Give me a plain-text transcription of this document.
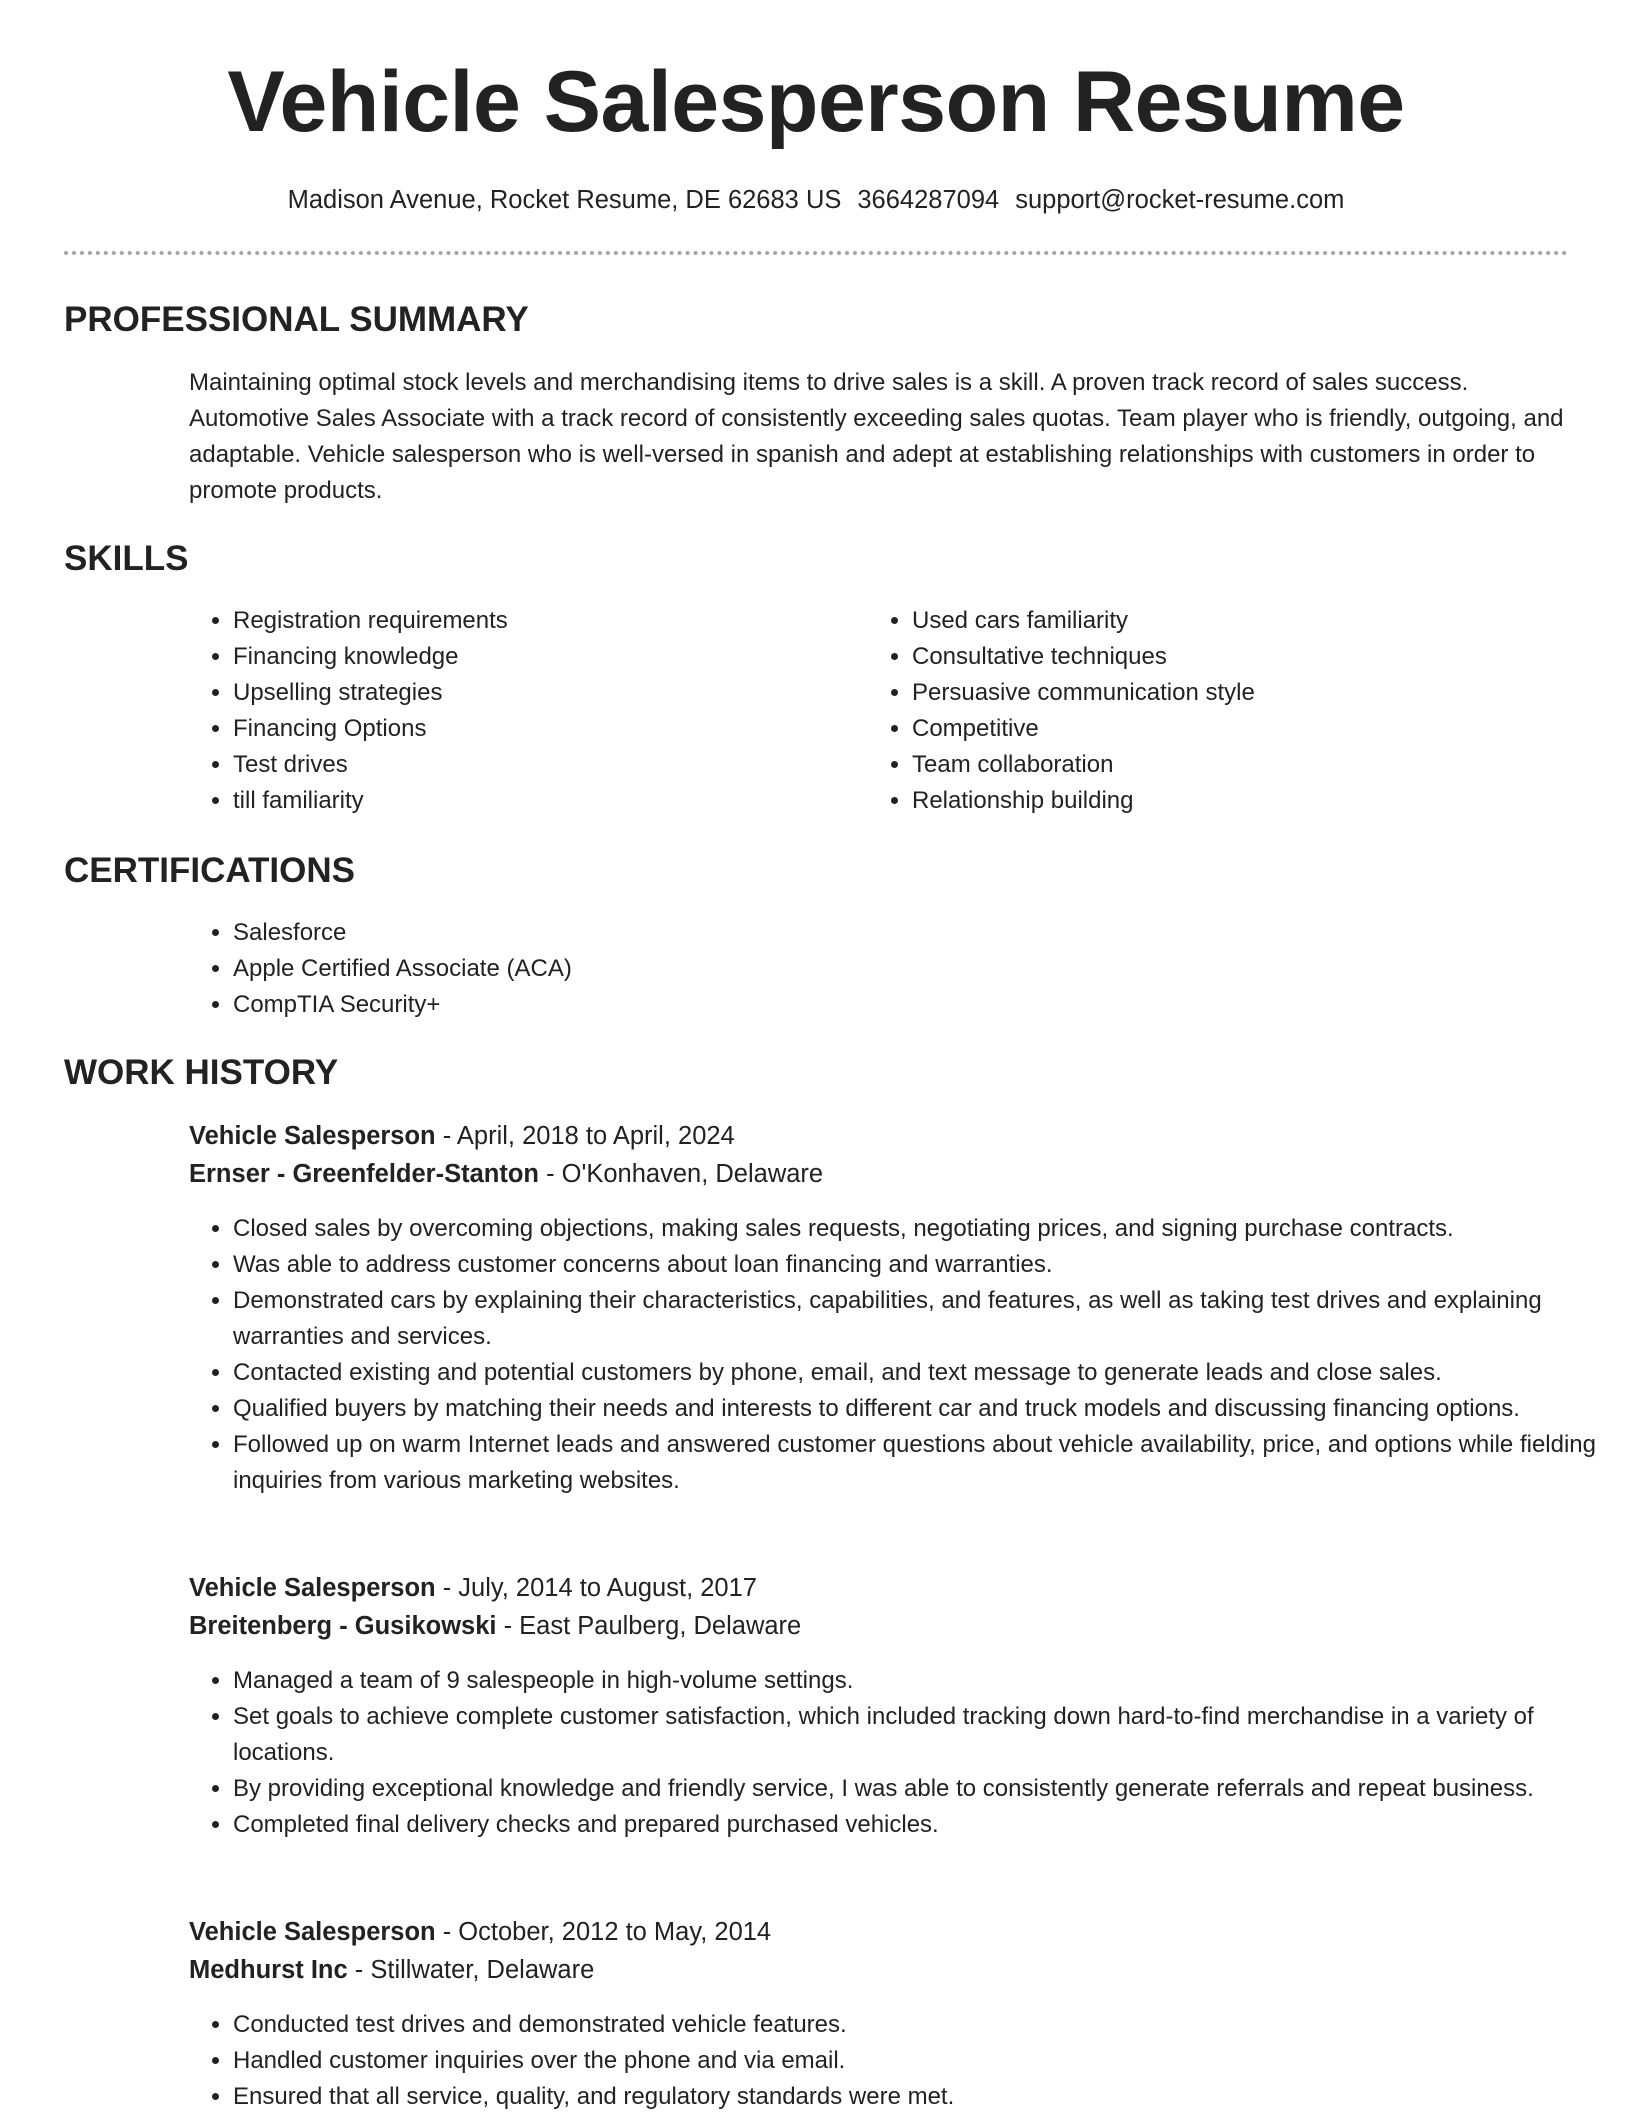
Vehicle Salesperson Resume
Madison Avenue, Rocket Resume, DE 62683 US 3664287094 support@rocket-resume.com
PROFESSIONAL SUMMARY
Maintaining optimal stock levels and merchandising items to drive sales is a skill. A proven track record of sales success. Automotive Sales Associate with a track record of consistently exceeding sales quotas. Team player who is friendly, outgoing, and adaptable. Vehicle salesperson who is well-versed in spanish and adept at establishing relationships with customers in order to promote products.
SKILLS
• Registration requirements
• Financing knowledge
• Upselling strategies
• Financing Options
• Test drives
• till familiarity
• Used cars familiarity
• Consultative techniques
• Persuasive communication style
• Competitive
• Team collaboration
• Relationship building
CERTIFICATIONS
• Salesforce
• Apple Certified Associate (ACA)
• CompTIA Security+
WORK HISTORY
Vehicle Salesperson - April, 2018 to April, 2024
Ernser - Greenfelder-Stanton - O'Konhaven, Delaware
• Closed sales by overcoming objections, making sales requests, negotiating prices, and signing purchase contracts.
• Was able to address customer concerns about loan financing and warranties.
• Demonstrated cars by explaining their characteristics, capabilities, and features, as well as taking test drives and explaining warranties and services.
• Contacted existing and potential customers by phone, email, and text message to generate leads and close sales.
• Qualified buyers by matching their needs and interests to different car and truck models and discussing financing options.
• Followed up on warm Internet leads and answered customer questions about vehicle availability, price, and options while fielding inquiries from various marketing websites.
Vehicle Salesperson - July, 2014 to August, 2017
Breitenberg - Gusikowski - East Paulberg, Delaware
• Managed a team of 9 salespeople in high-volume settings.
• Set goals to achieve complete customer satisfaction, which included tracking down hard-to-find merchandise in a variety of locations.
• By providing exceptional knowledge and friendly service, I was able to consistently generate referrals and repeat business.
• Completed final delivery checks and prepared purchased vehicles.
Vehicle Salesperson - October, 2012 to May, 2014
Medhurst Inc - Stillwater, Delaware
• Conducted test drives and demonstrated vehicle features.
• Handled customer inquiries over the phone and via email.
• Ensured that all service, quality, and regulatory standards were met.
